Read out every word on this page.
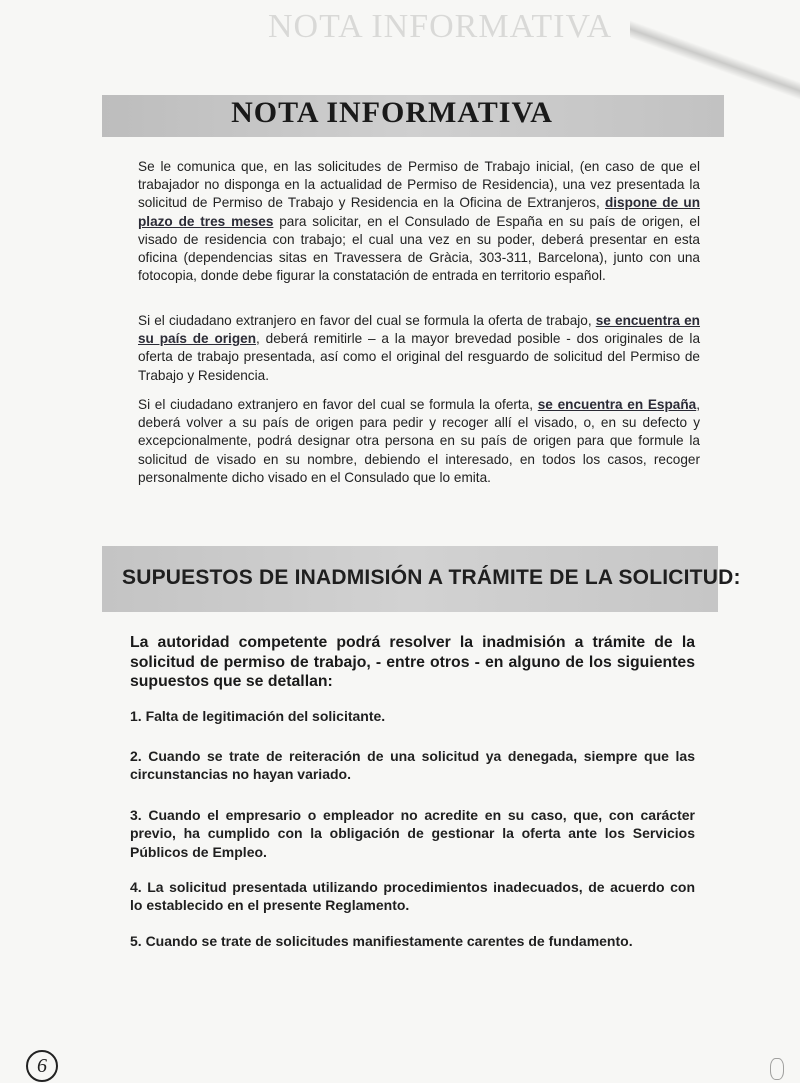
NOTA INFORMATIVA
NOTA INFORMATIVA

Se le comunica que, en las solicitudes de Permiso de Trabajo inicial, (en caso de que el trabajador no disponga en la actualidad de Permiso de Residencia), una vez presentada la solicitud de Permiso de Trabajo y Residencia en la Oficina de Extranjeros, dispone de un plazo de tres meses para solicitar, en el Consulado de España en su país de origen, el visado de residencia con trabajo; el cual una vez en su poder, deberá presentar en esta oficina (dependencias sitas en Travessera de Gràcia, 303-311, Barcelona), junto con una fotocopia, donde debe figurar la constatación de entrada en territorio español.

Si el ciudadano extranjero en favor del cual se formula la oferta de trabajo, se encuentra en su país de origen, deberá remitirle – a la mayor brevedad posible - dos originales de la oferta de trabajo presentada, así como el original del resguardo de solicitud del Permiso de Trabajo y Residencia.

Si el ciudadano extranjero en favor del cual se formula la oferta, se encuentra en España, deberá volver a su país de origen para pedir y recoger allí el visado, o, en su defecto y excepcionalmente, podrá designar otra persona en su país de origen para que formule la solicitud de visado en su nombre, debiendo el interesado, en todos los casos, recoger personalmente dicho visado en el Consulado que lo emita.

SUPUESTOS DE INADMISIÓN A TRÁMITE DE LA SOLICITUD:

La autoridad competente podrá resolver la inadmisión a trámite de la solicitud de permiso de trabajo, - entre otros - en alguno de los siguientes supuestos que se detallan:

1. Falta de legitimación del solicitante.

2. Cuando se trate de reiteración de una solicitud ya denegada, siempre que las circunstancias no hayan variado.

3. Cuando el empresario o empleador no acredite en su caso, que, con carácter previo, ha cumplido con la obligación de gestionar la oferta ante los Servicios Públicos de Empleo.

4. La solicitud presentada utilizando procedimientos inadecuados, de acuerdo con lo establecido en el presente Reglamento.

5. Cuando se trate de solicitudes manifiestamente carentes de fundamento.

6
